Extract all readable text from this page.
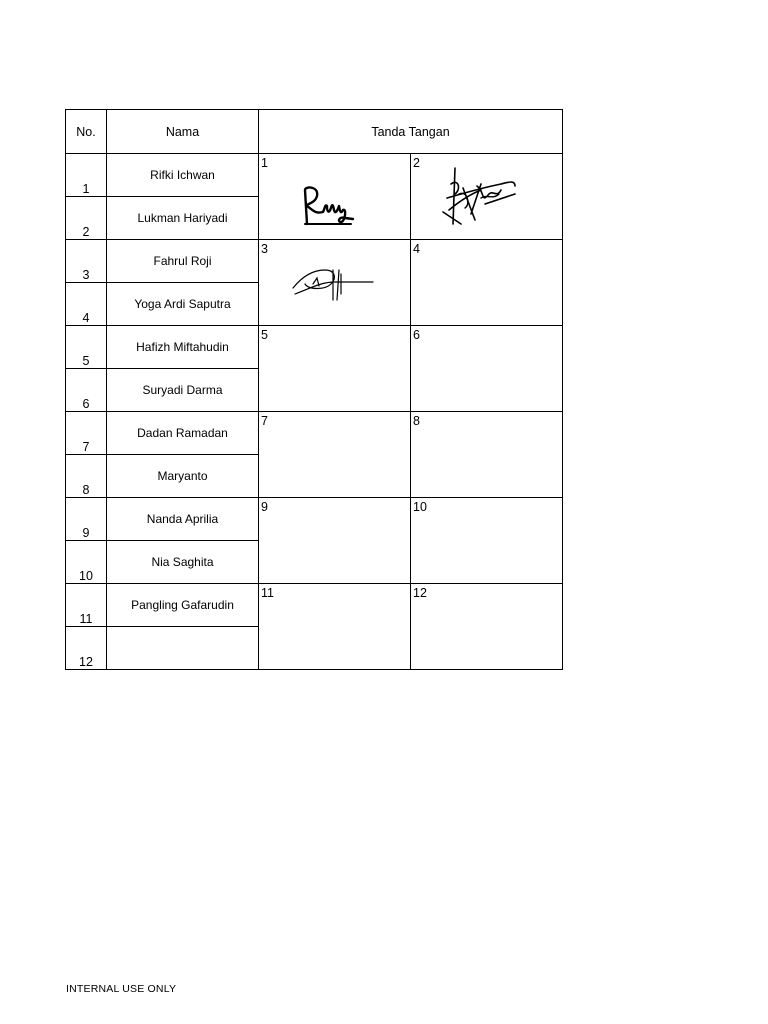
No.	Nama	Tanda Tangan	
1	Rifki Ichwan	1	2

2	Lukman Hariyadi		
3	Fahrul Roji	3	4

4	Yoga Ardi Saputra		
5	Hafizh Miftahudin	5	6

6	Suryadi Darma		
7	Dadan Ramadan	7	8

8	Maryanto		
9	Nanda Aprilia	9	10

10	Nia Saghita		
11	Pangling Gafarudin	11	12

12			
INTERNAL USE ONLY
